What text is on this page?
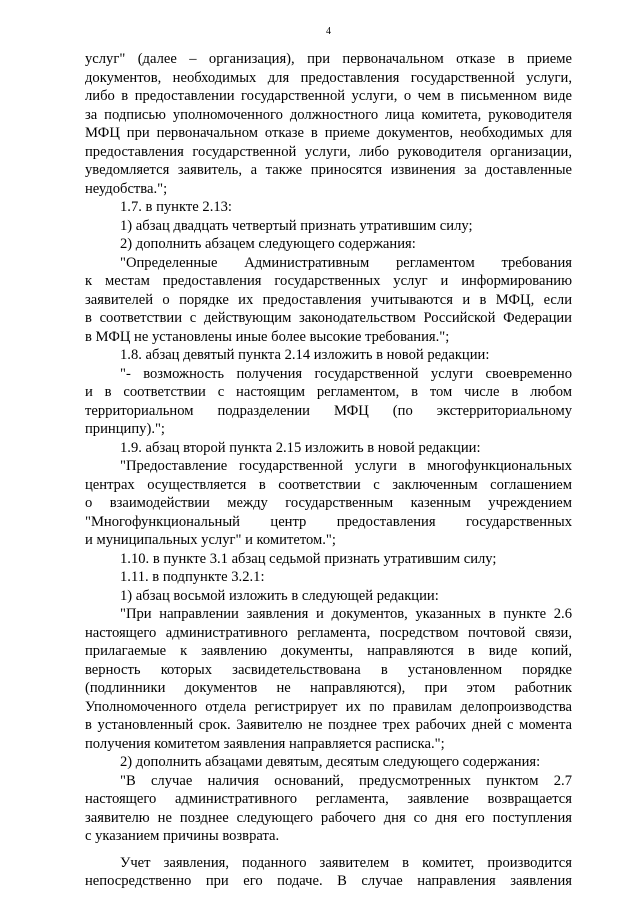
4
услуг" (далее – организация), при первоначальном отказе в приеме
документов, необходимых для предоставления государственной услуги,
либо в предоставлении государственной услуги, о чем в письменном виде
за подписью уполномоченного должностного лица комитета, руководителя
МФЦ при первоначальном отказе в приеме документов, необходимых для
предоставления государственной услуги, либо руководителя организации,
уведомляется заявитель, а также приносятся извинения за доставленные
неудобства.";
1.7. в пункте 2.13:
1) абзац двадцать четвертый признать утратившим силу;
2) дополнить абзацем следующего содержания:
"Определенные Административным регламентом требования
к местам предоставления государственных услуг и информированию
заявителей о порядке их предоставления учитываются и в МФЦ, если
в соответствии с действующим законодательством Российской Федерации
в МФЦ не установлены иные более высокие требования.";
1.8. абзац девятый пункта 2.14 изложить в новой редакции:
"- возможность получения государственной услуги своевременно
и в соответствии с настоящим регламентом, в том числе в любом
территориальном подразделении МФЦ (по экстерриториальному
принципу).";
1.9. абзац второй пункта 2.15 изложить в новой редакции:
"Предоставление государственной услуги в многофункциональных
центрах осуществляется в соответствии с заключенным соглашением
о взаимодействии между государственным казенным учреждением
"Многофункциональный центр предоставления государственных
и муниципальных услуг" и комитетом.";
1.10. в пункте 3.1 абзац седьмой признать утратившим силу;
1.11. в подпункте 3.2.1:
1) абзац восьмой изложить в следующей редакции:
"При направлении заявления и документов, указанных в пункте 2.6
настоящего административного регламента, посредством почтовой связи,
прилагаемые к заявлению документы, направляются в виде копий,
верность которых засвидетельствована в установленном порядке
(подлинники документов не направляются), при этом работник
Уполномоченного отдела регистрирует их по правилам делопроизводства
в установленный срок. Заявителю не позднее трех рабочих дней с момента
получения комитетом заявления направляется расписка.";
2) дополнить абзацами девятым, десятым следующего содержания:
"В случае наличия оснований, предусмотренных пунктом 2.7
настоящего административного регламента, заявление возвращается
заявителю не позднее следующего рабочего дня со дня его поступления
с указанием причины возврата.
Учет заявления, поданного заявителем в комитет, производится
непосредственно при его подаче. В случае направления заявления
